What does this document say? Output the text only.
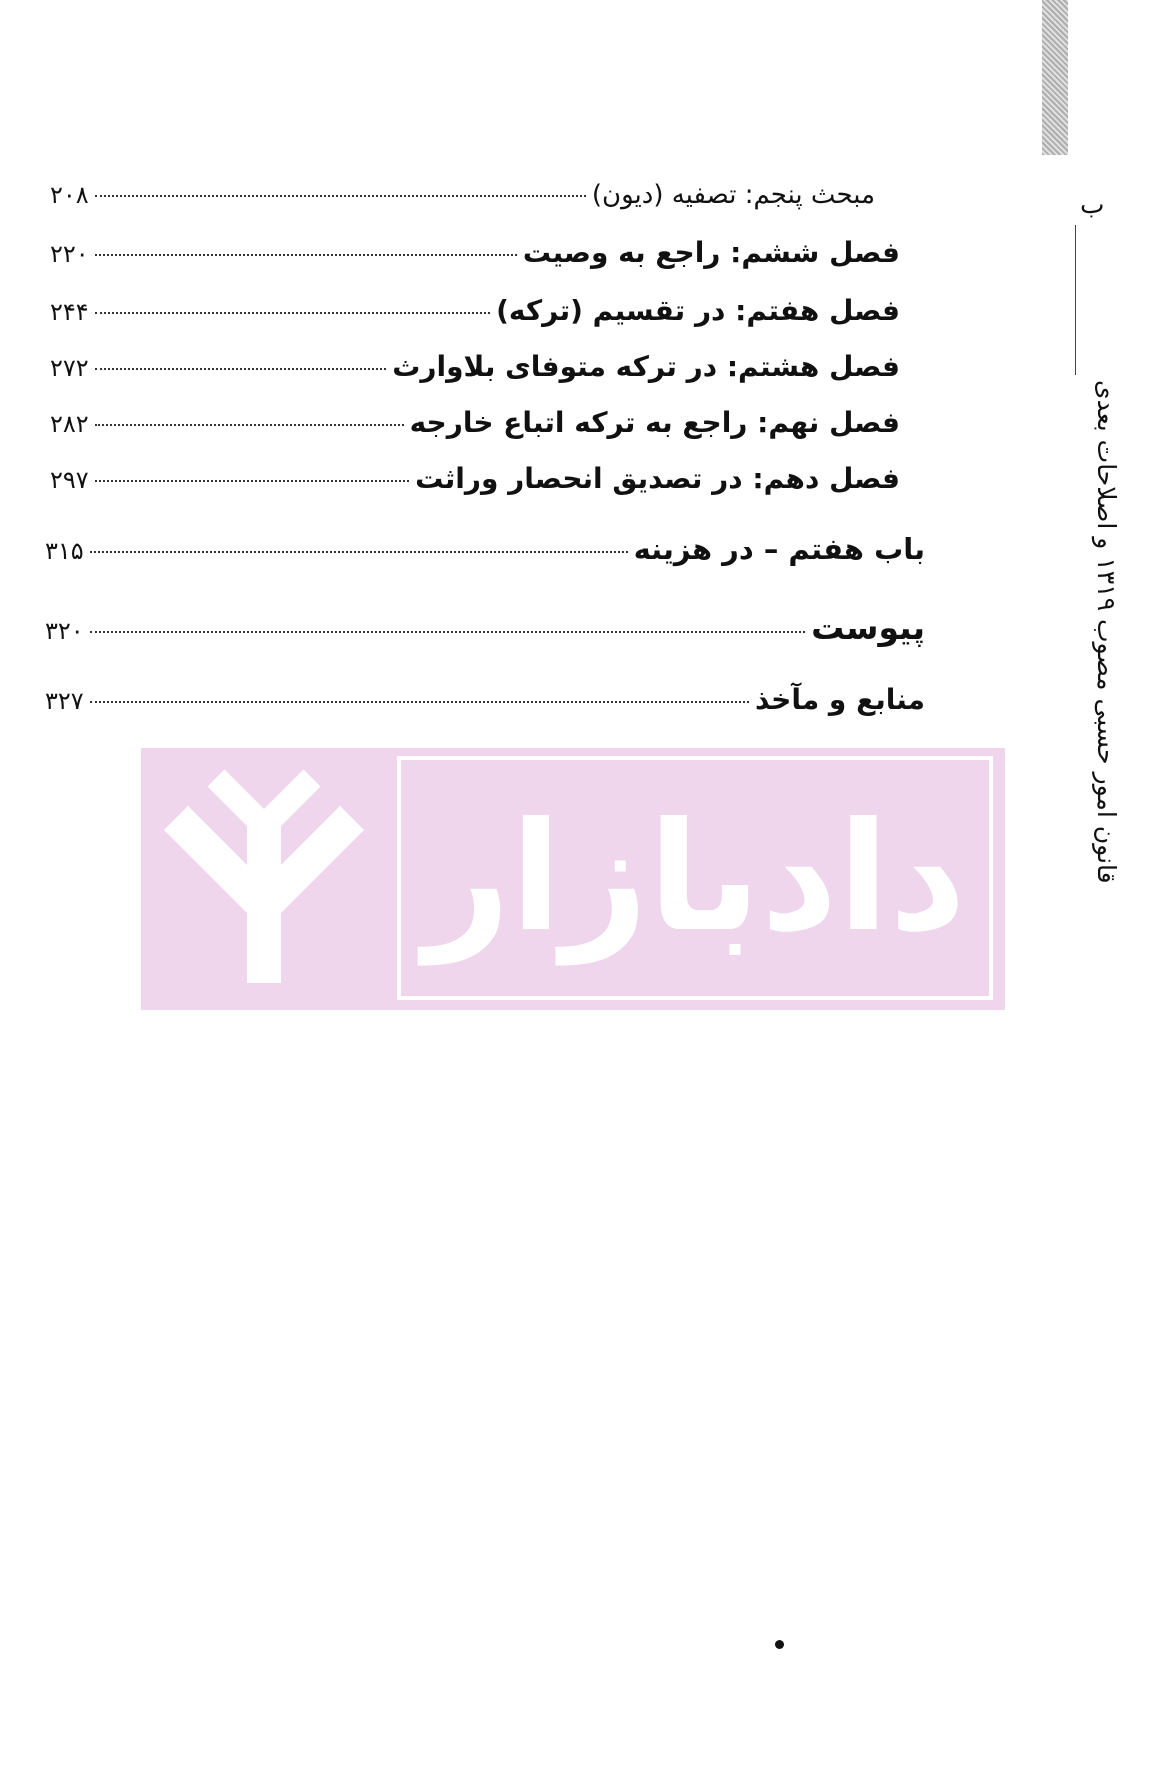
ب
قانون امور حسبی مصوب ۱۳۱۹ و اصلاحات بعدی
مبحث پنجم: تصفیه (دیون)
۲۰۸
فصل ششم: راجع به وصیت
۲۲۰
فصل هفتم: در تقسیم (ترکه)
۲۴۴
فصل هشتم: در ترکه متوفای بلاوارث
۲۷۲
فصل نهم: راجع به ترکه اتباع خارجه
۲۸۲
فصل دهم: در تصدیق انحصار وراثت
۲۹۷
باب هفتم – در هزینه
۳۱۵
پیوست
۳۲۰
منابع و مآخذ
۳۲۷
دادبازار
